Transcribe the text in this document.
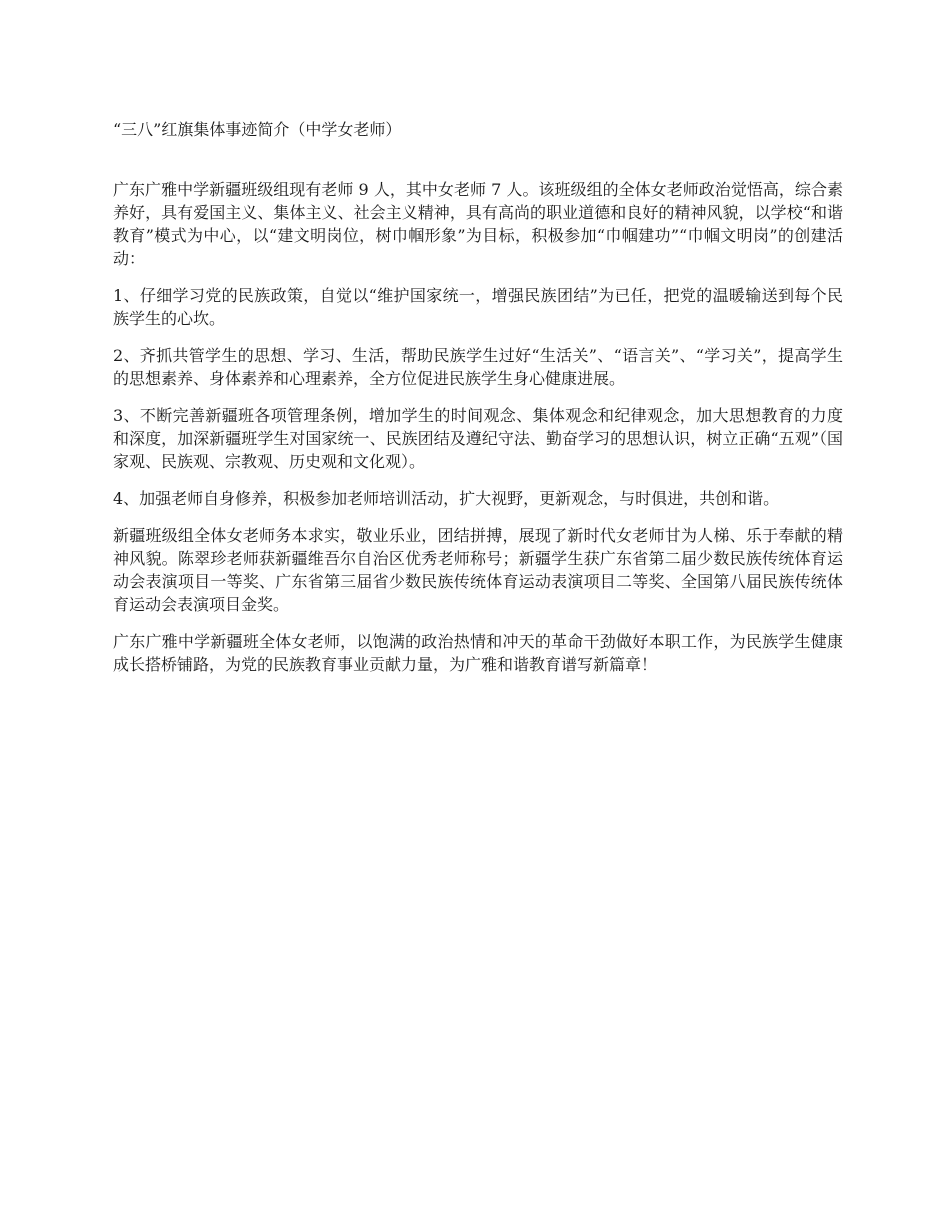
“三八”红旗集体事迹简介（中学女老师）

广东广雅中学新疆班级组现有老师 9 人，其中女老师 7 人。该班级组的全体女老师政治觉悟高，综合素养好，具有爱国主义、集体主义、社会主义精神，具有高尚的职业道德和良好的精神风貌，以学校“和谐教育”模式为中心，以“建文明岗位，树巾帼形象”为目标，积极参加“巾帼建功”“巾帼文明岗”的创建活动：

1、仔细学习党的民族政策，自觉以“维护国家统一，增强民族团结”为已任，把党的温暖输送到每个民族学生的心坎。

2、齐抓共管学生的思想、学习、生活，帮助民族学生过好“生活关”、“语言关”、“学习关”，提高学生的思想素养、身体素养和心理素养，全方位促进民族学生身心健康进展。

3、不断完善新疆班各项管理条例，增加学生的时间观念、集体观念和纪律观念，加大思想教育的力度和深度，加深新疆班学生对国家统一、民族团结及遵纪守法、勤奋学习的思想认识，树立正确“五观”（国家观、民族观、宗教观、历史观和文化观）。

4、加强老师自身修养，积极参加老师培训活动，扩大视野，更新观念，与时俱进，共创和谐。

新疆班级组全体女老师务本求实，敬业乐业，团结拼搏，展现了新时代女老师甘为人梯、乐于奉献的精神风貌。陈翠珍老师获新疆维吾尔自治区优秀老师称号；新疆学生获广东省第二届少数民族传统体育运动会表演项目一等奖、广东省第三届省少数民族传统体育运动表演项目二等奖、全国第八届民族传统体育运动会表演项目金奖。

广东广雅中学新疆班全体女老师，以饱满的政治热情和冲天的革命干劲做好本职工作，为民族学生健康成长搭桥铺路，为党的民族教育事业贡献力量，为广雅和谐教育谱写新篇章！
